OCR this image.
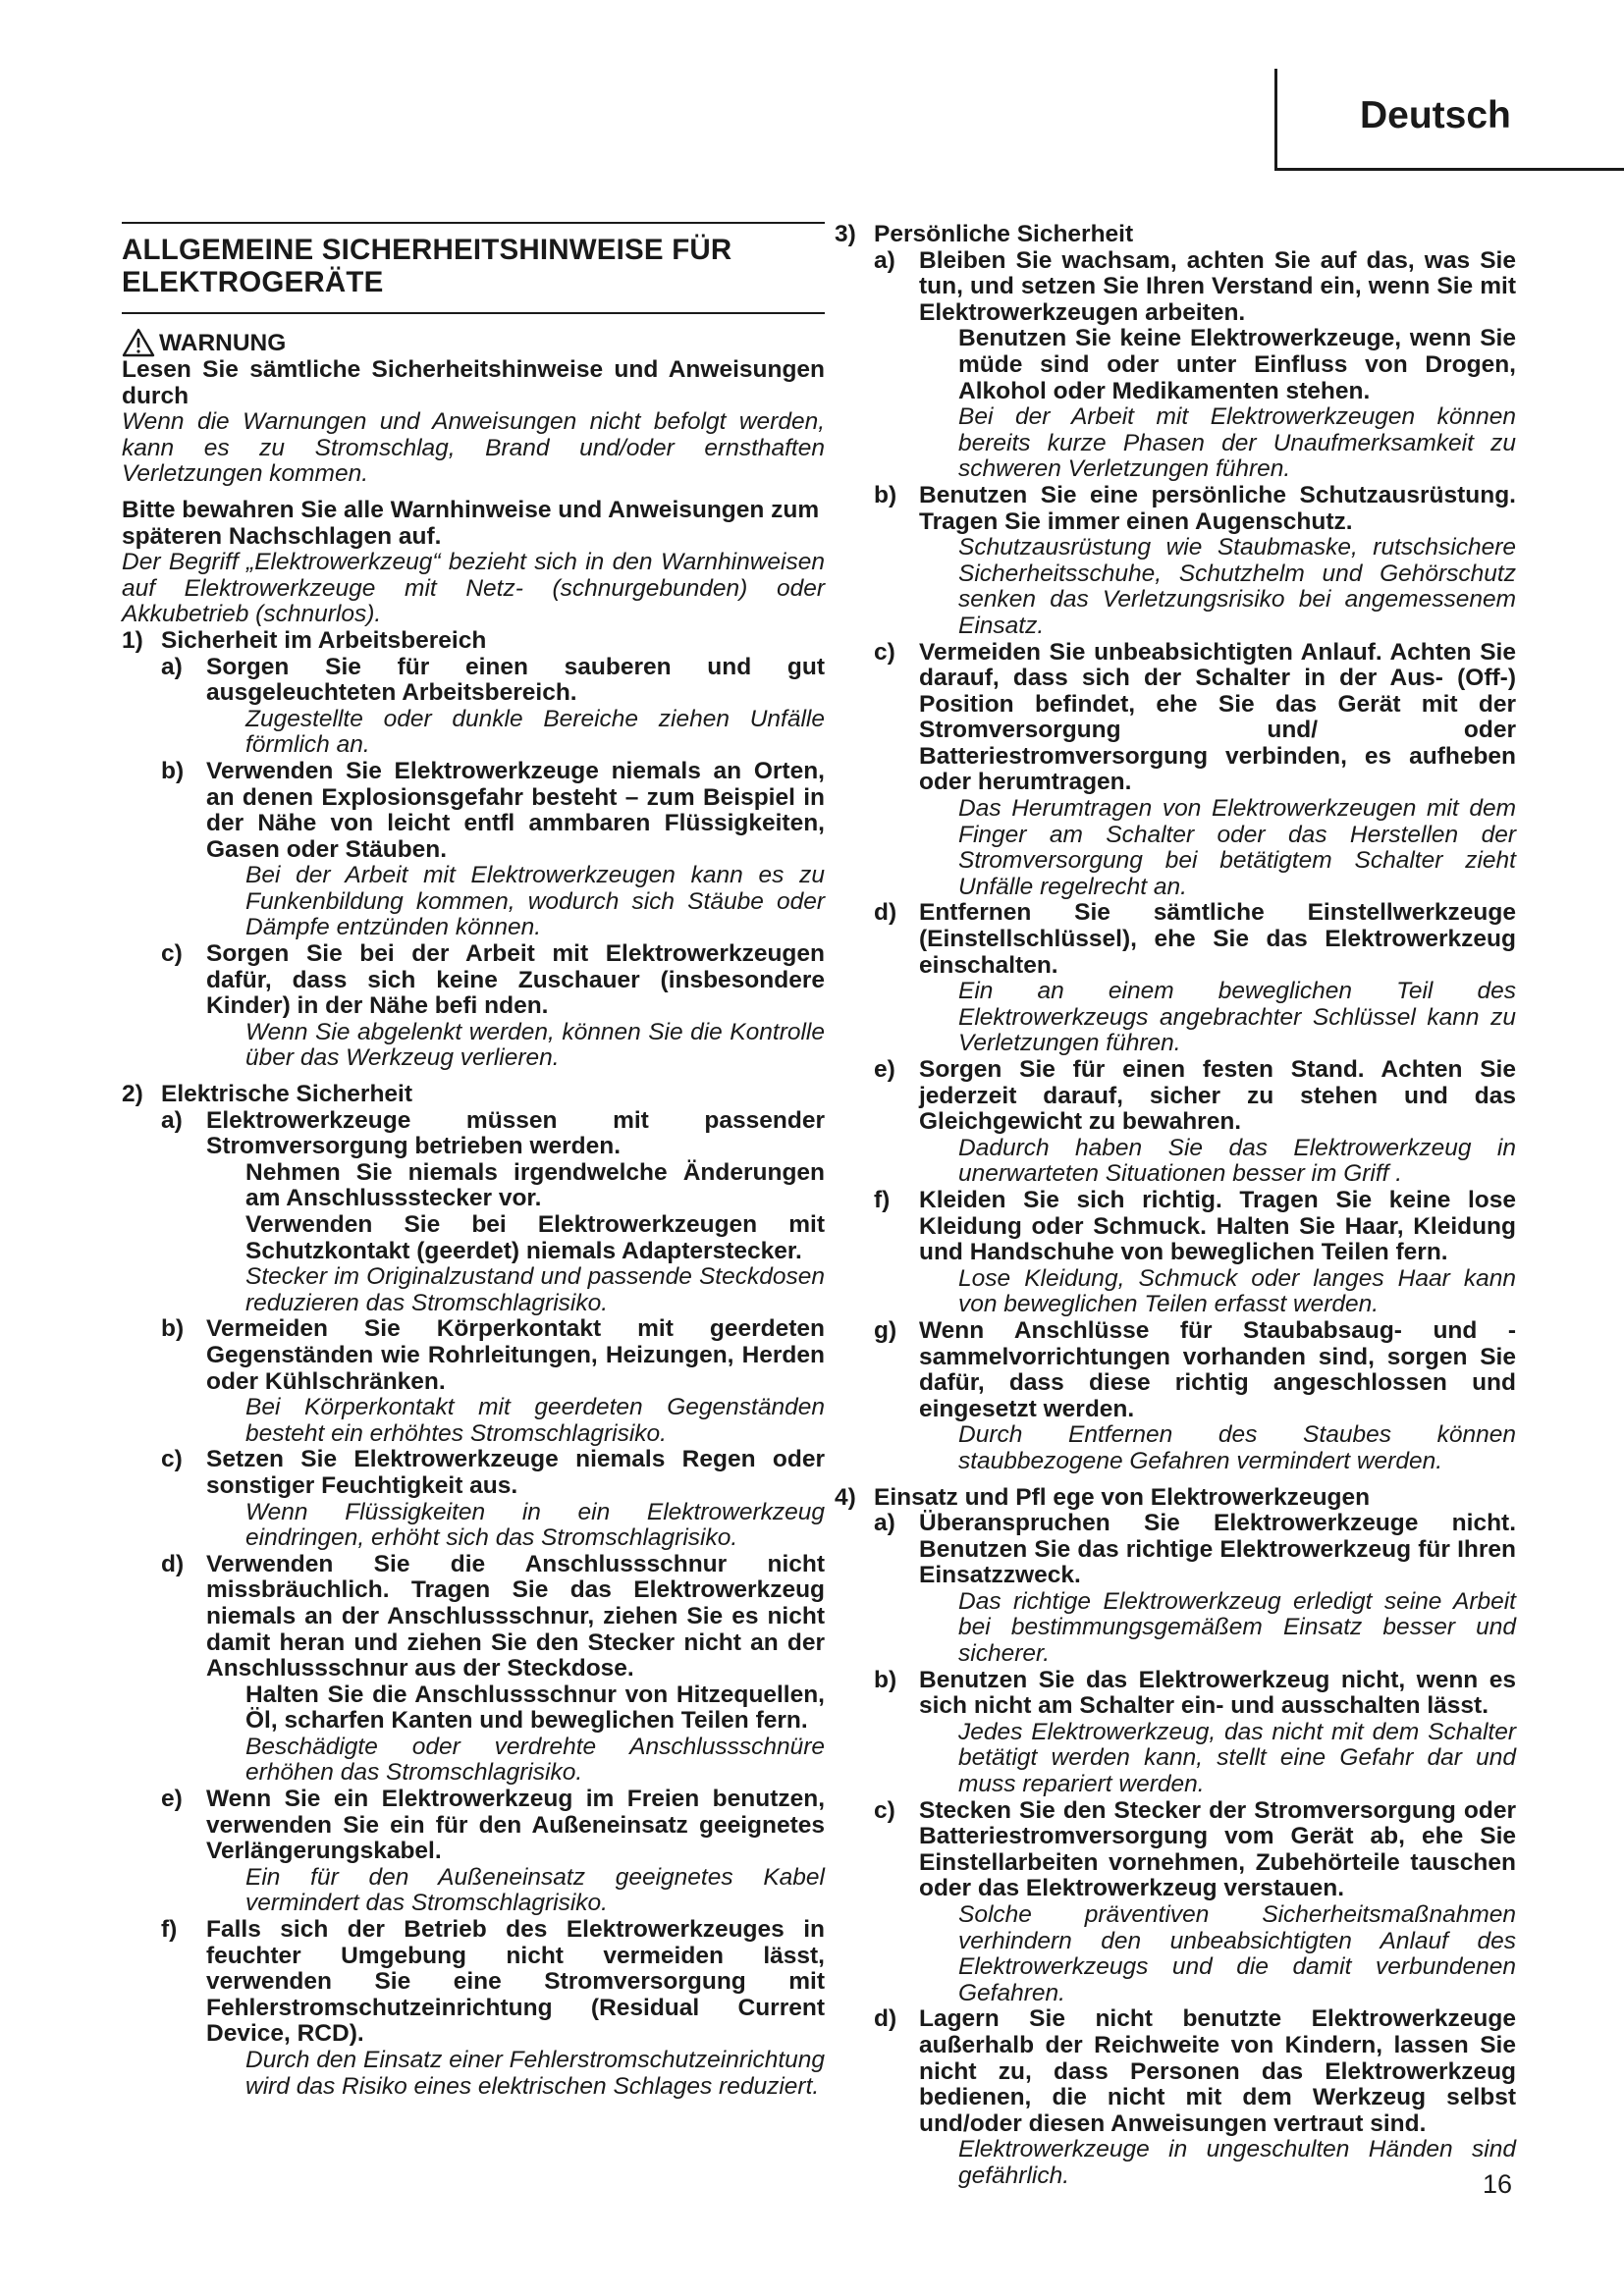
Deutsch
ALLGEMEINE SICHERHEITSHINWEISE FÜR
ELEKTROGERÄTE
WARNUNG

Lesen Sie sämtliche Sicherheitshinweise und Anweisungen durch

Wenn die Warnungen und Anweisungen nicht befolgt werden, kann es zu Stromschlag, Brand und/oder ernsthaften Verletzungen kommen.

Bitte bewahren Sie alle Warnhinweise und Anweisungen zum späteren Nachschlagen auf.

Der Begriff „Elektrowerkzeug“ bezieht sich in den Warnhinweisen auf Elektrowerkzeuge mit Netz- (schnurgebunden) oder Akkubetrieb (schnurlos).

1) Sicherheit im Arbeitsbereich
a) Sorgen Sie für einen sauberen und gut ausgeleuchteten Arbeitsbereich.

Zugestellte oder dunkle Bereiche ziehen Unfälle förmlich an.

b) Verwenden Sie Elektrowerkzeuge niemals an Orten, an denen Explosionsgefahr besteht – zum Beispiel in der Nähe von leicht entfl ammbaren Flüssigkeiten, Gasen oder Stäuben.

Bei der Arbeit mit Elektrowerkzeugen kann es zu Funkenbildung kommen, wodurch sich Stäube oder Dämpfe entzünden können.

c) Sorgen Sie bei der Arbeit mit Elektrowerkzeugen dafür, dass sich keine Zuschauer (insbesondere Kinder) in der Nähe befi nden.

Wenn Sie abgelenkt werden, können Sie die Kontrolle über das Werkzeug verlieren.

2) Elektrische Sicherheit
a) Elektrowerkzeuge müssen mit passender Stromversorgung betrieben werden.

Nehmen Sie niemals irgendwelche Änderungen am Anschlussstecker vor.

Verwenden Sie bei Elektrowerkzeugen mit Schutzkontakt (geerdet) niemals Adapterstecker.

Stecker im Originalzustand und passende Steckdosen reduzieren das Stromschlagrisiko.

b) Vermeiden Sie Körperkontakt mit geerdeten Gegenständen wie Rohrleitungen, Heizungen, Herden oder Kühlschränken.

Bei Körperkontakt mit geerdeten Gegenständen besteht ein erhöhtes Stromschlagrisiko.

c) Setzen Sie Elektrowerkzeuge niemals Regen oder sonstiger Feuchtigkeit aus.

Wenn Flüssigkeiten in ein Elektrowerkzeug eindringen, erhöht sich das Stromschlagrisiko.

d) Verwenden Sie die Anschlussschnur nicht missbräuchlich. Tragen Sie das Elektrowerkzeug niemals an der Anschlussschnur, ziehen Sie es nicht damit heran und ziehen Sie den Stecker nicht an der Anschlussschnur aus der Steckdose.

Halten Sie die Anschlussschnur von Hitzequellen, Öl, scharfen Kanten und beweglichen Teilen fern.

Beschädigte oder verdrehte Anschlussschnüre erhöhen das Stromschlagrisiko.

e) Wenn Sie ein Elektrowerkzeug im Freien benutzen, verwenden Sie ein für den Außeneinsatz geeignetes Verlängerungskabel.

Ein für den Außeneinsatz geeignetes Kabel vermindert das Stromschlagrisiko.

f)	Falls sich der Betrieb des Elektrowerkzeuges in feuchter Umgebung nicht vermeiden lässt, verwenden Sie eine Stromversorgung mit Fehlerstromschutzeinrichtung (Residual Current Device, RCD).

Durch den Einsatz einer Fehlerstromschutzeinrichtung wird das Risiko eines elektrischen Schlages reduziert.

3) Persönliche Sicherheit
a) Bleiben Sie wachsam, achten Sie auf das, was Sie tun, und setzen Sie Ihren Verstand ein, wenn Sie mit Elektrowerkzeugen arbeiten.

Benutzen Sie keine Elektrowerkzeuge, wenn Sie müde sind oder unter Einfluss von Drogen, Alkohol oder Medikamenten stehen.

Bei der Arbeit mit Elektrowerkzeugen können bereits kurze Phasen der Unaufmerksamkeit zu schweren Verletzungen führen.

b) Benutzen Sie eine persönliche Schutzausrüstung. Tragen Sie immer einen Augenschutz.

Schutzausrüstung wie Staubmaske, rutschsichere Sicherheitsschuhe, Schutzhelm und Gehörschutz senken das Verletzungsrisiko bei angemessenem Einsatz.

c) Vermeiden Sie unbeabsichtigten Anlauf. Achten Sie darauf, dass sich der Schalter in der Aus- (Off-) Position befindet, ehe Sie das Gerät mit der Stromversorgung und/ oder Batteriestromversorgung verbinden, es aufheben oder herumtragen.

Das Herumtragen von Elektrowerkzeugen mit dem Finger am Schalter oder das Herstellen der Stromversorgung bei betätigtem Schalter zieht Unfälle regelrecht an.

d) Entfernen Sie sämtliche Einstellwerkzeuge (Einstellschlüssel), ehe Sie das Elektrowerkzeug einschalten.

Ein an einem beweglichen Teil des Elektrowerkzeugs angebrachter Schlüssel kann zu Verletzungen führen.

e) Sorgen Sie für einen festen Stand. Achten Sie jederzeit darauf, sicher zu stehen und das Gleichgewicht zu bewahren.

Dadurch haben Sie das Elektrowerkzeug in unerwarteten Situationen besser im Griff .

f)	Kleiden Sie sich richtig. Tragen Sie keine lose Kleidung oder Schmuck. Halten Sie Haar, Kleidung und Handschuhe von beweglichen Teilen fern.

Lose Kleidung, Schmuck oder langes Haar kann von beweglichen Teilen erfasst werden.

g) Wenn Anschlüsse für Staubabsaug- und -sammelvorrichtungen vorhanden sind, sorgen Sie dafür, dass diese richtig angeschlossen und eingesetzt werden.

Durch Entfernen des Staubes können staubbezogene Gefahren vermindert werden.

4) Einsatz und Pfl ege von Elektrowerkzeugen
a) Überanspruchen Sie Elektrowerkzeuge nicht. Benutzen Sie das richtige Elektrowerkzeug für Ihren Einsatzzweck.

Das richtige Elektrowerkzeug erledigt seine Arbeit bei bestimmungsgemäßem Einsatz besser und sicherer.

b) Benutzen Sie das Elektrowerkzeug nicht, wenn es sich nicht am Schalter ein- und ausschalten lässt.

Jedes Elektrowerkzeug, das nicht mit dem Schalter betätigt werden kann, stellt eine Gefahr dar und muss repariert werden.

c) Stecken Sie den Stecker der Stromversorgung oder Batteriestromversorgung vom Gerät ab, ehe Sie Einstellarbeiten vornehmen, Zubehörteile tauschen oder das Elektrowerkzeug verstauen.

Solche präventiven Sicherheitsmaßnahmen verhindern den unbeabsichtigten Anlauf des Elektrowerkzeugs und die damit verbundenen Gefahren.

d) Lagern Sie nicht benutzte Elektrowerkzeuge außerhalb der Reichweite von Kindern, lassen Sie nicht zu, dass Personen das Elektrowerkzeug bedienen, die nicht mit dem Werkzeug selbst und/oder diesen Anweisungen vertraut sind.

Elektrowerkzeuge in ungeschulten Händen sind gefährlich.	16
